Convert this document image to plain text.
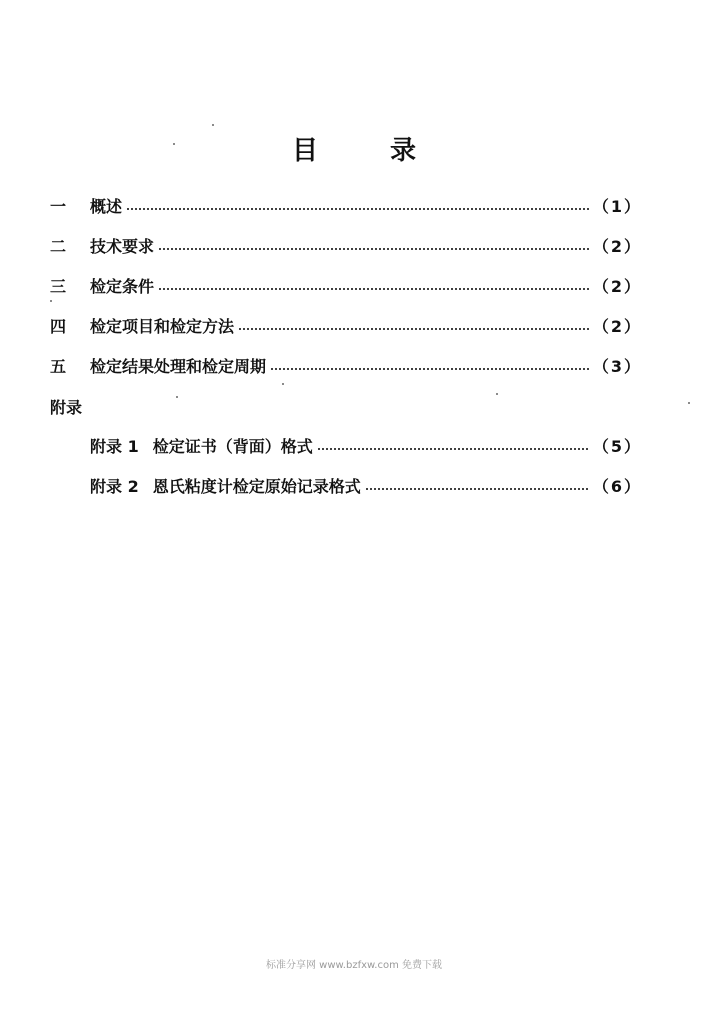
目录
一	概述	（1）
二	技术要求	（2）
三	检定条件	（2）
四	检定项目和检定方法	（2）
五	检定结果处理和检定周期	（3）
附录
附录 1 检定证书（背面）格式	（5）
附录 2 恩氏粘度计检定原始记录格式	（6）
标准分享网 www.bzfxw.com 免费下载
